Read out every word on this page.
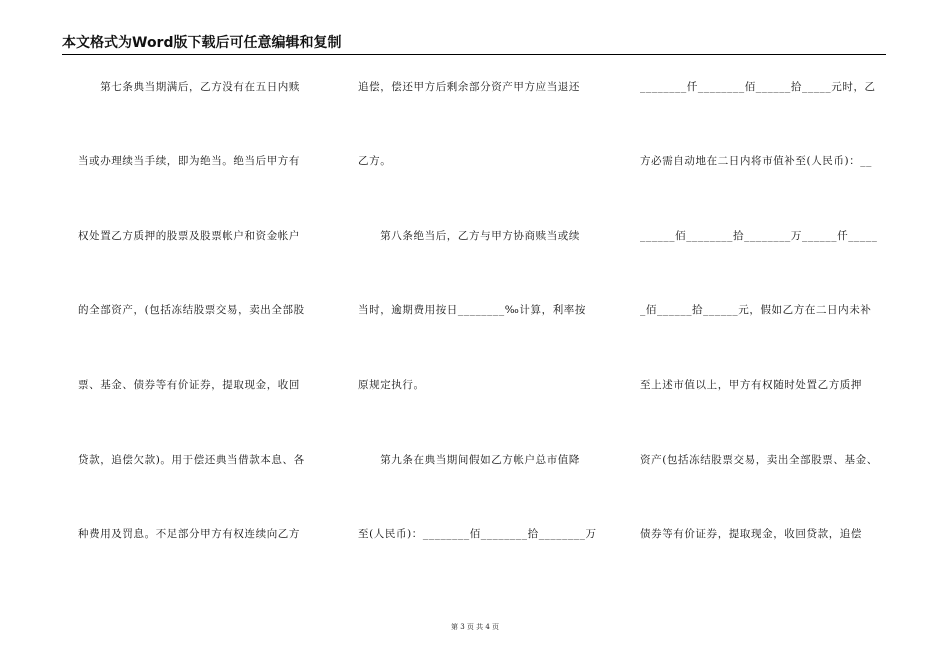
本文格式为Word版下载后可任意编辑和复制
　　第七条典当期满后，乙方没有在五日内赎
当或办理续当手续，即为绝当。绝当后甲方有
权处置乙方质押的股票及股票帐户和资金帐户
的全部资产，(包括冻结股票交易，卖出全部股
票、基金、债券等有价证券，提取现金，收回
贷款，追偿欠款)。用于偿还典当借款本息、各
种费用及罚息。不足部分甲方有权连续向乙方
追偿，偿还甲方后剩余部分资产甲方应当退还
乙方。
　　第八条绝当后，乙方与甲方协商赎当或续
当时，逾期费用按日________‰计算，利率按
原规定执行。
　　第九条在典当期间假如乙方帐户总市值降
至(人民币)：________佰________拾________万
________仟________佰______拾_____元时，乙
方必需自动地在二日内将市值补至(人民币)：__
______佰________拾________万______仟_____
_佰______拾______元，假如乙方在二日内未补
至上述市值以上，甲方有权随时处置乙方质押
资产(包括冻结股票交易，卖出全部股票、基金、
债券等有价证券，提取现金，收回贷款，追偿
第 3 页 共 4 页
